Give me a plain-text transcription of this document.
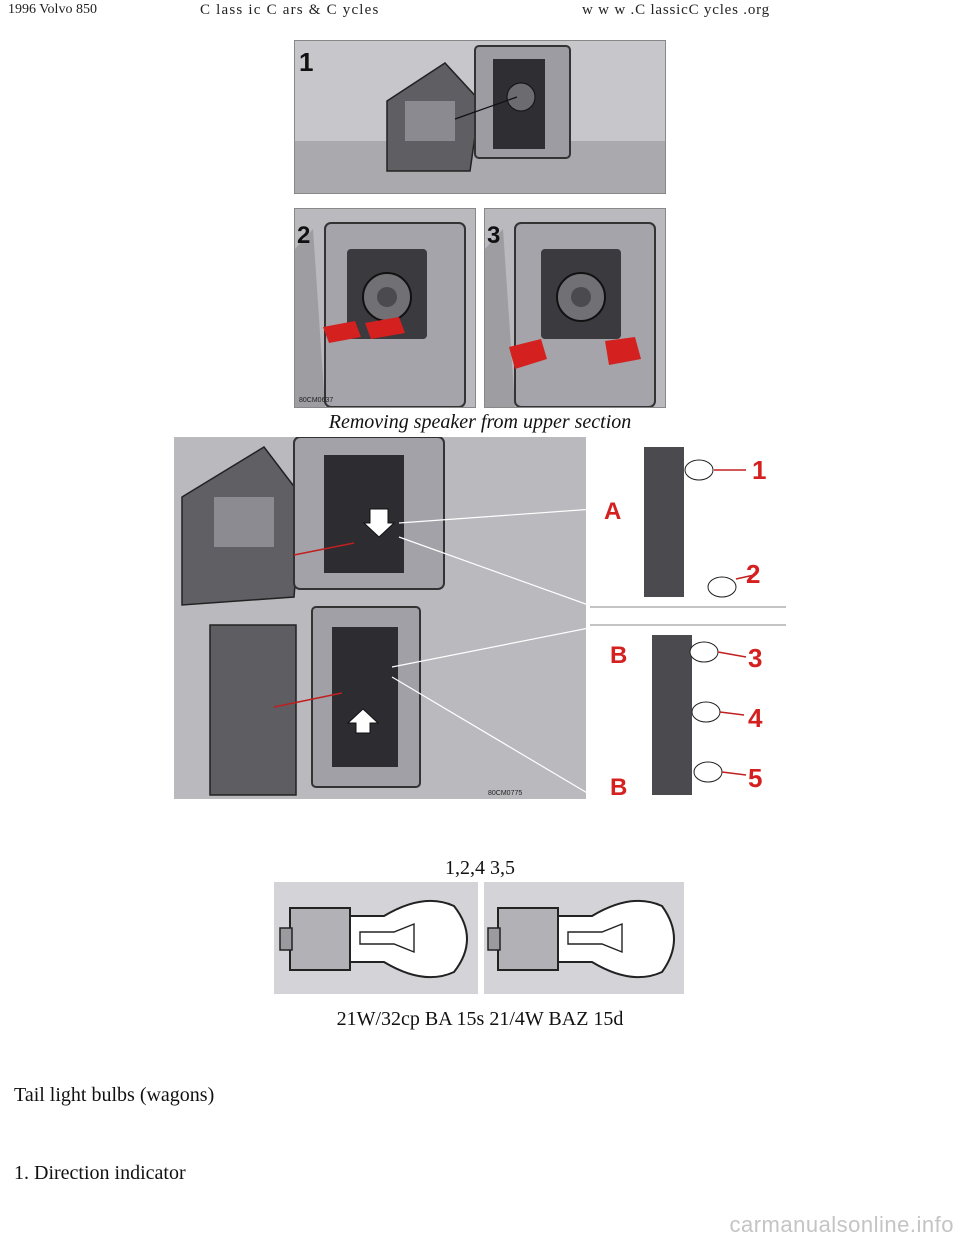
1996 Volvo 850	C lass ic C ars & C ycles	w w w .C lassicC ycles .org
1
2
80CM0637
3
Removing speaker from upper section
A
B
B
1
2
3
4
5
80CM0775
1,2,4 3,5
21W/32cp BA 15s 21/4W BAZ 15d
Tail light bulbs (wagons)
1. Direction indicator
carmanualsonline.info
